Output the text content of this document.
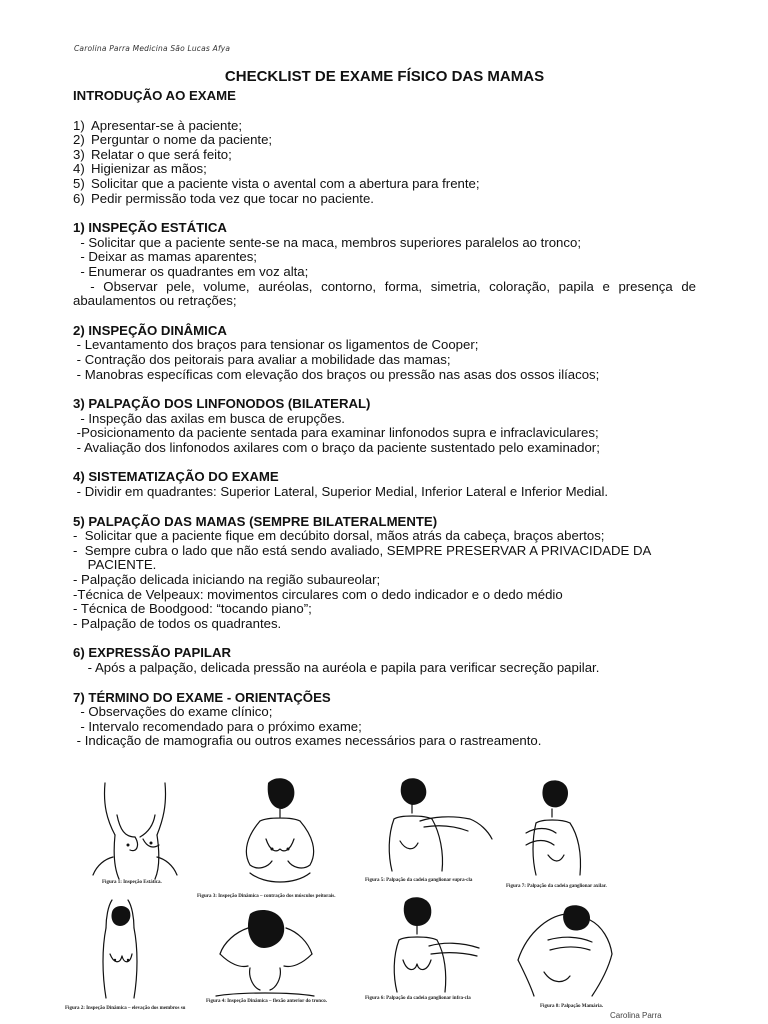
Carolina Parra Medicina São Lucas Afya
CHECKLIST DE EXAME FÍSICO DAS MAMAS
INTRODUÇÃO AO EXAME
1) Apresentar-se à paciente;
2) Perguntar o nome da paciente;
3) Relatar o que será feito;
4) Higienizar as mãos;
5) Solicitar que a paciente vista o avental com a abertura para frente;
6) Pedir permissão toda vez que tocar no paciente.
1) INSPEÇÃO ESTÁTICA
- Solicitar que a paciente sente-se na maca, membros superiores paralelos ao tronco;
- Deixar as mamas aparentes;
- Enumerar os quadrantes em voz alta;
- Observar pele, volume, auréolas, contorno, forma, simetria, coloração, papila e presença de abaulamentos ou retrações;
2) INSPEÇÃO DINÂMICA
- Levantamento dos braços para tensionar os ligamentos de Cooper;
- Contração dos peitorais para avaliar a mobilidade das mamas;
- Manobras específicas com elevação dos braços ou pressão nas asas dos ossos ilíacos;
3) PALPAÇÃO DOS LINFONODOS (BILATERAL)
- Inspeção das axilas em busca de erupções.
-Posicionamento da paciente sentada para examinar linfonodos supra e infraclaviculares;
- Avaliação dos linfonodos axilares com o braço da paciente sustentado pelo examinador;
4) SISTEMATIZAÇÃO DO EXAME
- Dividir em quadrantes: Superior Lateral, Superior Medial, Inferior Lateral e Inferior Medial.
5) PALPAÇÃO DAS MAMAS (SEMPRE BILATERALMENTE)
-  Solicitar que a paciente fique em decúbito dorsal, mãos atrás da cabeça, braços abertos;
-  Sempre cubra o lado que não está sendo avaliado, SEMPRE PRESERVAR A PRIVACIDADE DA
PACIENTE.
- Palpação delicada iniciando na região subaureolar;
-Técnica de Velpeaux: movimentos circulares com o dedo indicador e o dedo médio
- Técnica de Boodgood: “tocando piano”;
- Palpação de todos os quadrantes.
6) EXPRESSÃO PAPILAR
- Após a palpação, delicada pressão na auréola e papila para verificar secreção papilar.
7) TÉRMINO DO EXAME - ORIENTAÇÕES
- Observações do exame clínico;
- Intervalo recomendado para o próximo exame;
- Indicação de mamografia ou outros exames necessários para o rastreamento.
Figura 1: Inspeção Estática.
Figura 3: Inspeção Dinâmica – contração dos músculos peitorais.
Figura 5: Palpação da cadeia ganglionar supra-cla
Figura 7: Palpação da cadeia ganglionar axilar.
Figura 2: Inspeção Dinâmica – elevação dos membros su
Figura 4: Inspeção Dinâmica – flexão anterior do tronco.
Figura 6: Palpação da cadeia ganglionar infra-cla
Figura 8: Palpação Mamária.
Carolina Parra
